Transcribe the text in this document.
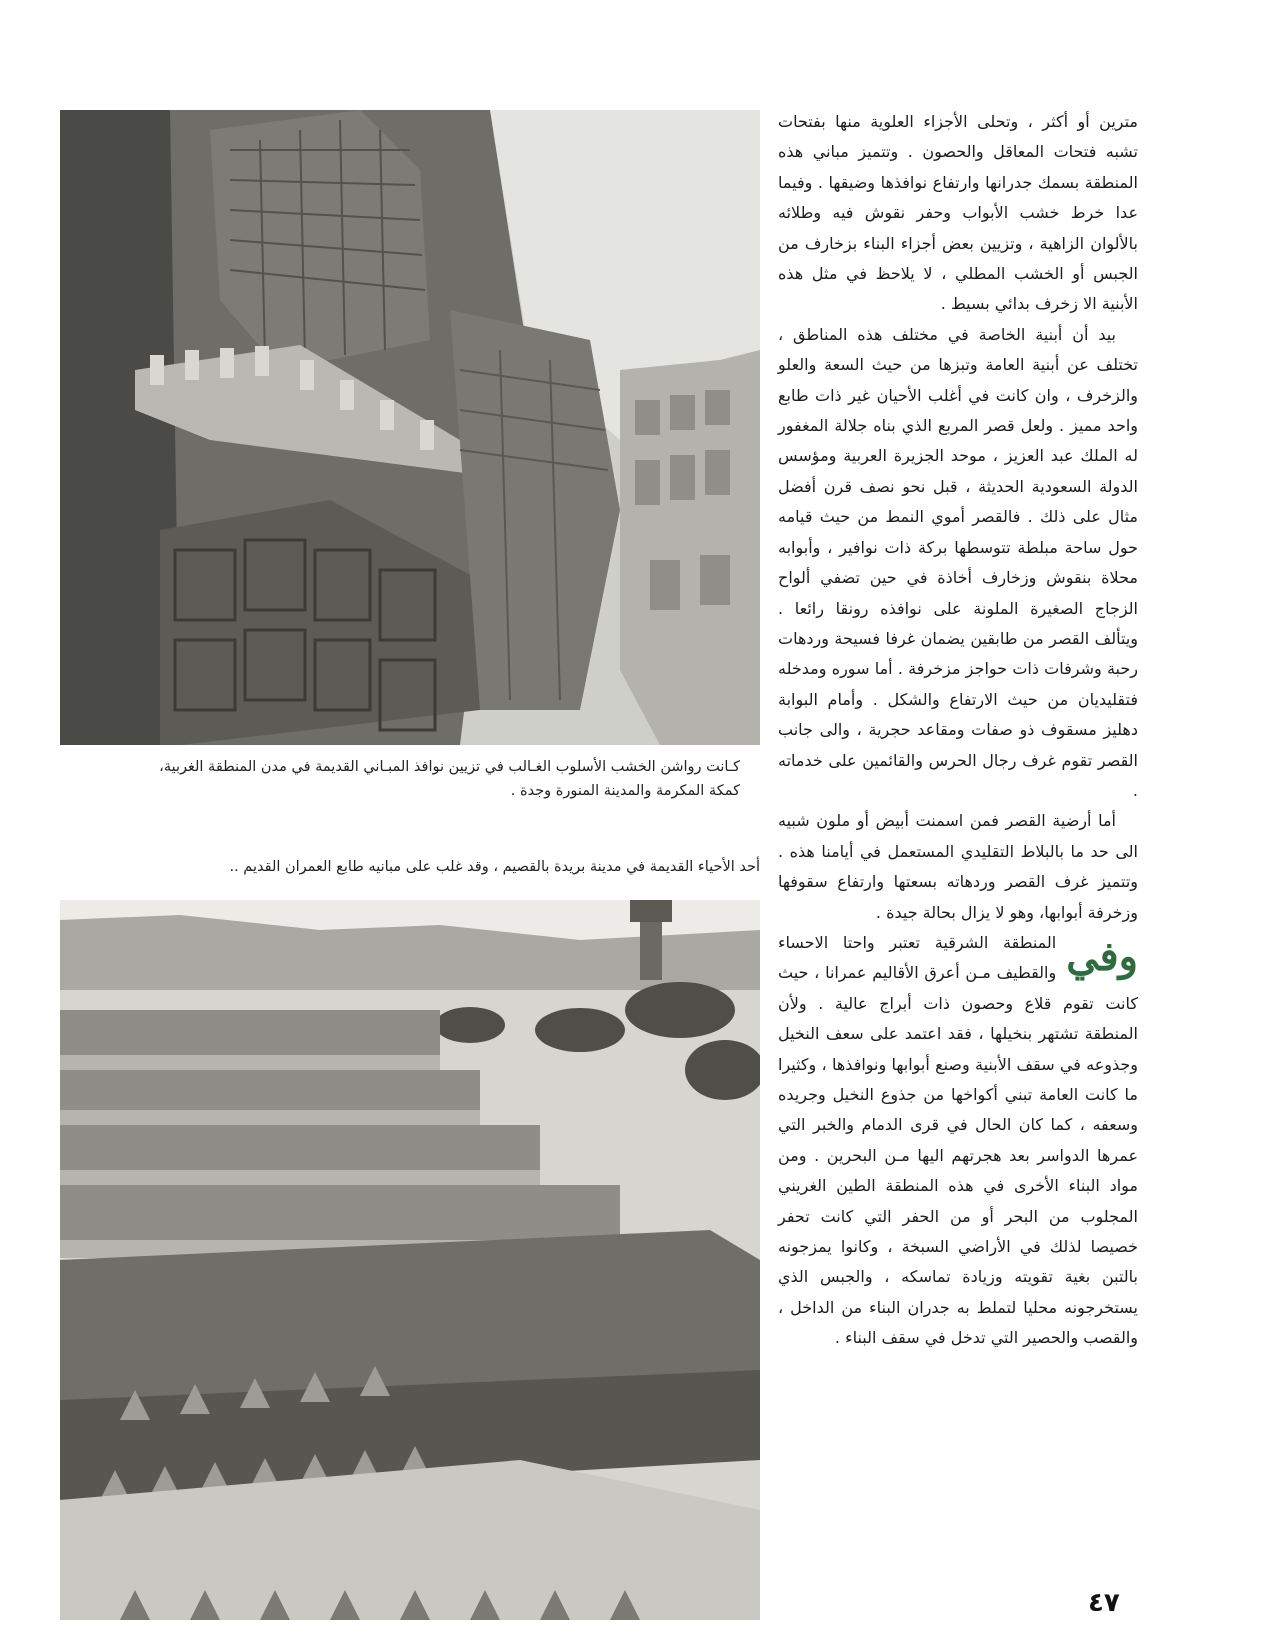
كـانت رواشن الخشب الأسلوب الغـالب في تزيين نوافذ المبـاني القديمة في مدن المنطقة الغربية، كمكة المكرمة والمدينة المنورة وجدة .
أحد الأحياء القديمة في مدينة بريدة بالقصيم ، وقد غلب على مبانيه طابع العمران القديم ..

مترين أو أكثر ، وتحلى الأجزاء العلوية منها بفتحات تشبه فتحات المعاقل والحصون . وتتميز مباني هذه المنطقة بسمك جدرانها وارتفاع نوافذها وضيقها . وفيما عدا خرط خشب الأبواب وحفر نقوش فيه وطلائه بالألوان الزاهية ، وتزيين بعض أجزاء البناء بزخارف من الجبس أو الخشب المطلي ، لا يلاحظ في مثل هذه الأبنية الا زخرف بدائي بسيط .

بيد أن أبنية الخاصة في مختلف هذه المناطق ، تختلف عن أبنية العامة وتبزها من حيث السعة والعلو والزخرف ، وان كانت في أغلب الأحيان غير ذات طابع واحد مميز . ولعل قصر المربع الذي بناه جلالة المغفور له الملك عبد العزيز ، موحد الجزيرة العربية ومؤسس الدولة السعودية الحديثة ، قبل نحو نصف قرن أفضل مثال على ذلك . فالقصر أموي النمط من حيث قيامه حول ساحة مبلطة تتوسطها بركة ذات نوافير ، وأبوابه محلاة بنقوش وزخارف أخاذة في حين تضفي ألواح الزجاج الصغيرة الملونة على نوافذه رونقا رائعا . ويتألف القصر من طابقين يضمان غرفا فسيحة وردهات رحبة وشرفات ذات حواجز مزخرفة . أما سوره ومدخله فتقليديان من حيث الارتفاع والشكل . وأمام البوابة دهليز مسقوف ذو صفات ومقاعد حجرية ، والى جانب القصر تقوم غرف رجال الحرس والقائمين على خدماته .

أما أرضية القصر فمن اسمنت أبيض أو ملون شبيه الى حد ما بالبلاط التقليدي المستعمل في أيامنا هذه . وتتميز غرف القصر وردهاته بسعتها وارتفاع سقوفها وزخرفة أبوابها، وهو لا يزال بحالة جيدة .

وفي
المنطقة الشرقية تعتبر واحتا الاحساء والقطيف مـن أعرق الأقاليم عمرانا ، حيث كانت تقوم قلاع وحصون ذات أبراج عالية . ولأن المنطقة تشتهر بنخيلها ، فقد اعتمد على سعف النخيل وجذوعه في سقف الأبنية وصنع أبوابها ونوافذها ، وكثيرا ما كانت العامة تبني أكواخها من جذوع النخيل وجريده وسعفه ، كما كان الحال في قرى الدمام والخبر التي عمرها الدواسر بعد هجرتهم اليها مـن البحرين . ومن مواد البناء الأخرى في هذه المنطقة الطين الغريني المجلوب من البحر أو من الحفر التي كانت تحفر خصيصا لذلك في الأراضي السبخة ، وكانوا يمزجونه بالتبن بغية تقويته وزيادة تماسكه ، والجبس الذي يستخرجونه محليا لتملط به جدران البناء من الداخل ، والقصب والحصير التي تدخل في سقف البناء .

٤٧
